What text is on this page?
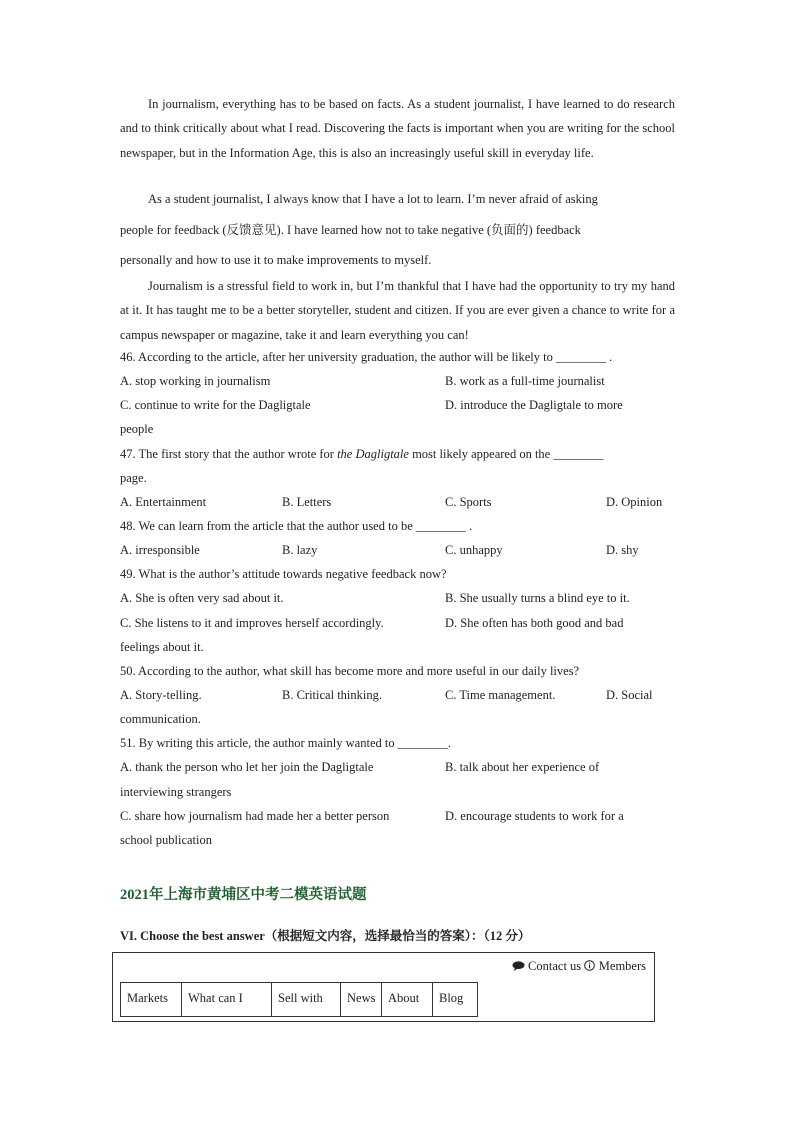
In journalism, everything has to be based on facts. As a student journalist, I have learned to do research and to think critically about what I read. Discovering the facts is important when you are writing for the school newspaper, but in the Information Age, this is also an increasingly useful skill in everyday life.

As a student journalist, I always know that I have a lot to learn. I’m never afraid of asking
people for feedback (反馈意见). I have learned how not to take negative (负面的) feedback
personally and how to use it to make improvements to myself.

Journalism is a stressful field to work in, but I’m thankful that I have had the opportunity to try my hand at it. It has taught me to be a better storyteller, student and citizen. If you are ever given a chance to write for a campus newspaper or magazine, take it and learn everything you can!

46. According to the article, after her university graduation, the author will be likely to ________ .
A. stop working in journalism	B. work as a full-time journalist
C. continue to write for the Dagligtale	D. introduce the Dagligtale to more
people
47. The first story that the author wrote for the Dagligtale most likely appeared on the ________
page.
A. Entertainment	B. Letters	C. Sports	D. Opinion
48. We can learn from the article that the author used to be ________ .
A. irresponsible	B. lazy	C. unhappy	D. shy
49. What is the author’s attitude towards negative feedback now?
A. She is often very sad about it.	B. She usually turns a blind eye to it.
C. She listens to it and improves herself accordingly.	D. She often has both good and bad
feelings about it.
50. According to the author, what skill has become more and more useful in our daily lives?
A. Story-telling.	B. Critical thinking.	C. Time management.	D. Social
communication.
51. By writing this article, the author mainly wanted to ________.
A. thank the person who let her join the Dagligtale	B. talk about her experience of
interviewing strangers
C. share how journalism had made her a better person	D. encourage students to work for a
school publication
2021年上海市黄埔区中考二模英语试题
VI. Choose the best answer（根据短文内容，选择最恰当的答案）：（12 分）
Contact us Members
Markets	What can I	Sell with	News	About	Blog
